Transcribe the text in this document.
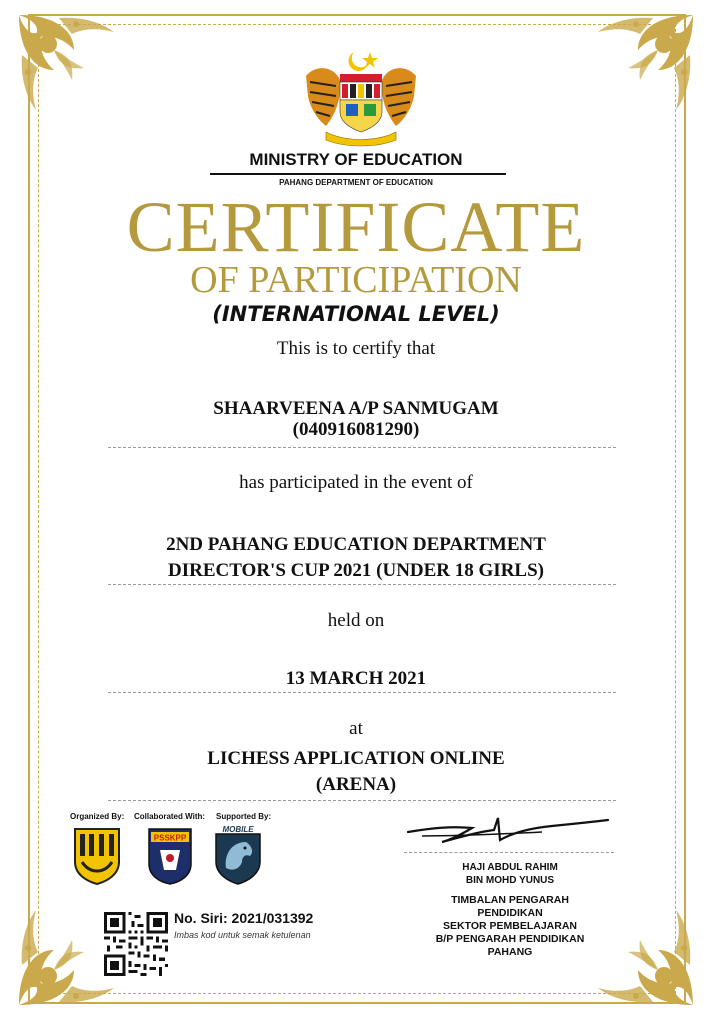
MINISTRY OF EDUCATION
PAHANG DEPARTMENT OF EDUCATION
CERTIFICATE
OF PARTICIPATION
(INTERNATIONAL LEVEL)
This is to certify that
SHAARVEENA A/P SANMUGAM
(040916081290)
has participated in the event of
2ND PAHANG EDUCATION DEPARTMENT
DIRECTOR'S CUP 2021 (UNDER 18 GIRLS)
held on
13 MARCH 2021
at
LICHESS APPLICATION ONLINE
(ARENA)
Organized By: Collaborated With: Supported By:
PSSKPP
MOBILE
HAJI ABDUL RAHIM
BIN MOHD YUNUS
TIMBALAN PENGARAH
PENDIDIKAN
SEKTOR PEMBELAJARAN
B/P PENGARAH PENDIDIKAN
PAHANG
No. Siri: 2021/031392
Imbas kod untuk semak ketulenan
